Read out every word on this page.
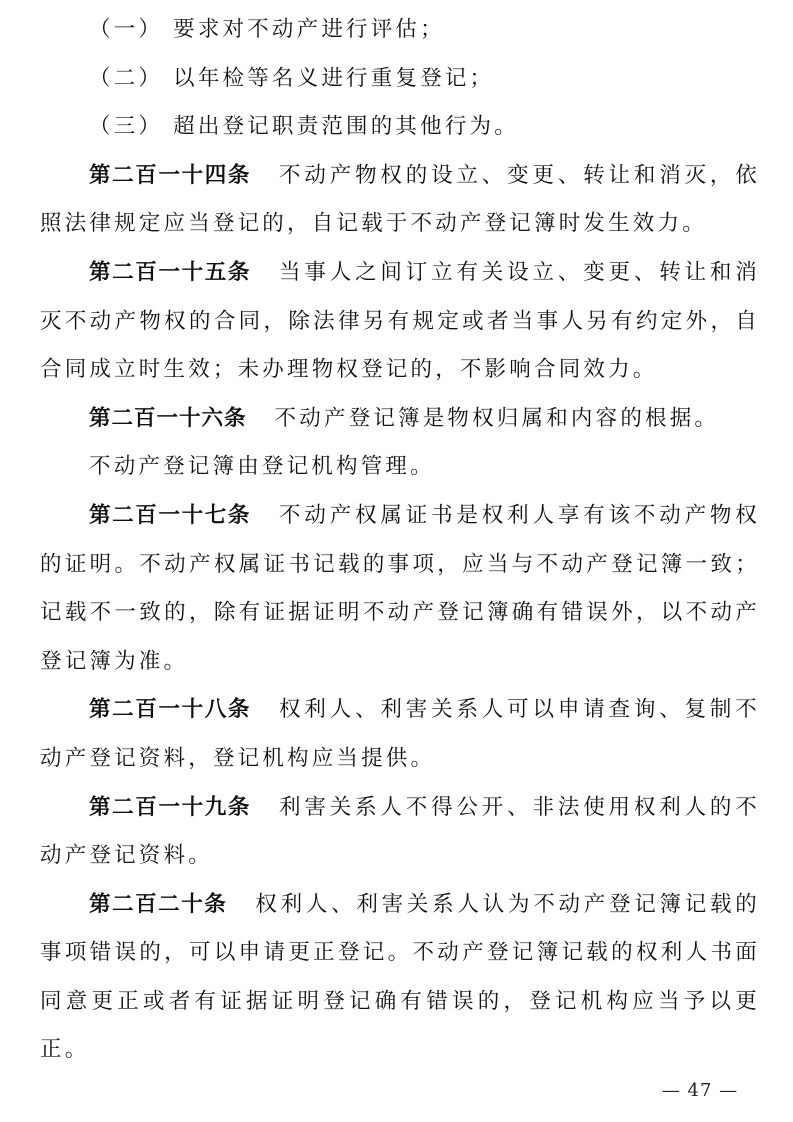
（一） 要求对不动产进行评估；

（二） 以年检等名义进行重复登记；

（三） 超出登记职责范围的其他行为。

第二百一十四条 不动产物权的设立、变更、转让和消灭，依照法律规定应当登记的，自记载于不动产登记簿时发生效力。

第二百一十五条 当事人之间订立有关设立、变更、转让和消灭不动产物权的合同，除法律另有规定或者当事人另有约定外，自合同成立时生效；未办理物权登记的，不影响合同效力。

第二百一十六条 不动产登记簿是物权归属和内容的根据。

不动产登记簿由登记机构管理。

第二百一十七条 不动产权属证书是权利人享有该不动产物权的证明。不动产权属证书记载的事项，应当与不动产登记簿一致；记载不一致的，除有证据证明不动产登记簿确有错误外，以不动产登记簿为准。

第二百一十八条 权利人、利害关系人可以申请查询、复制不动产登记资料，登记机构应当提供。

第二百一十九条 利害关系人不得公开、非法使用权利人的不动产登记资料。

第二百二十条 权利人、利害关系人认为不动产登记簿记载的事项错误的，可以申请更正登记。不动产登记簿记载的权利人书面同意更正或者有证据证明登记确有错误的，登记机构应当予以更正。

— 47 —
